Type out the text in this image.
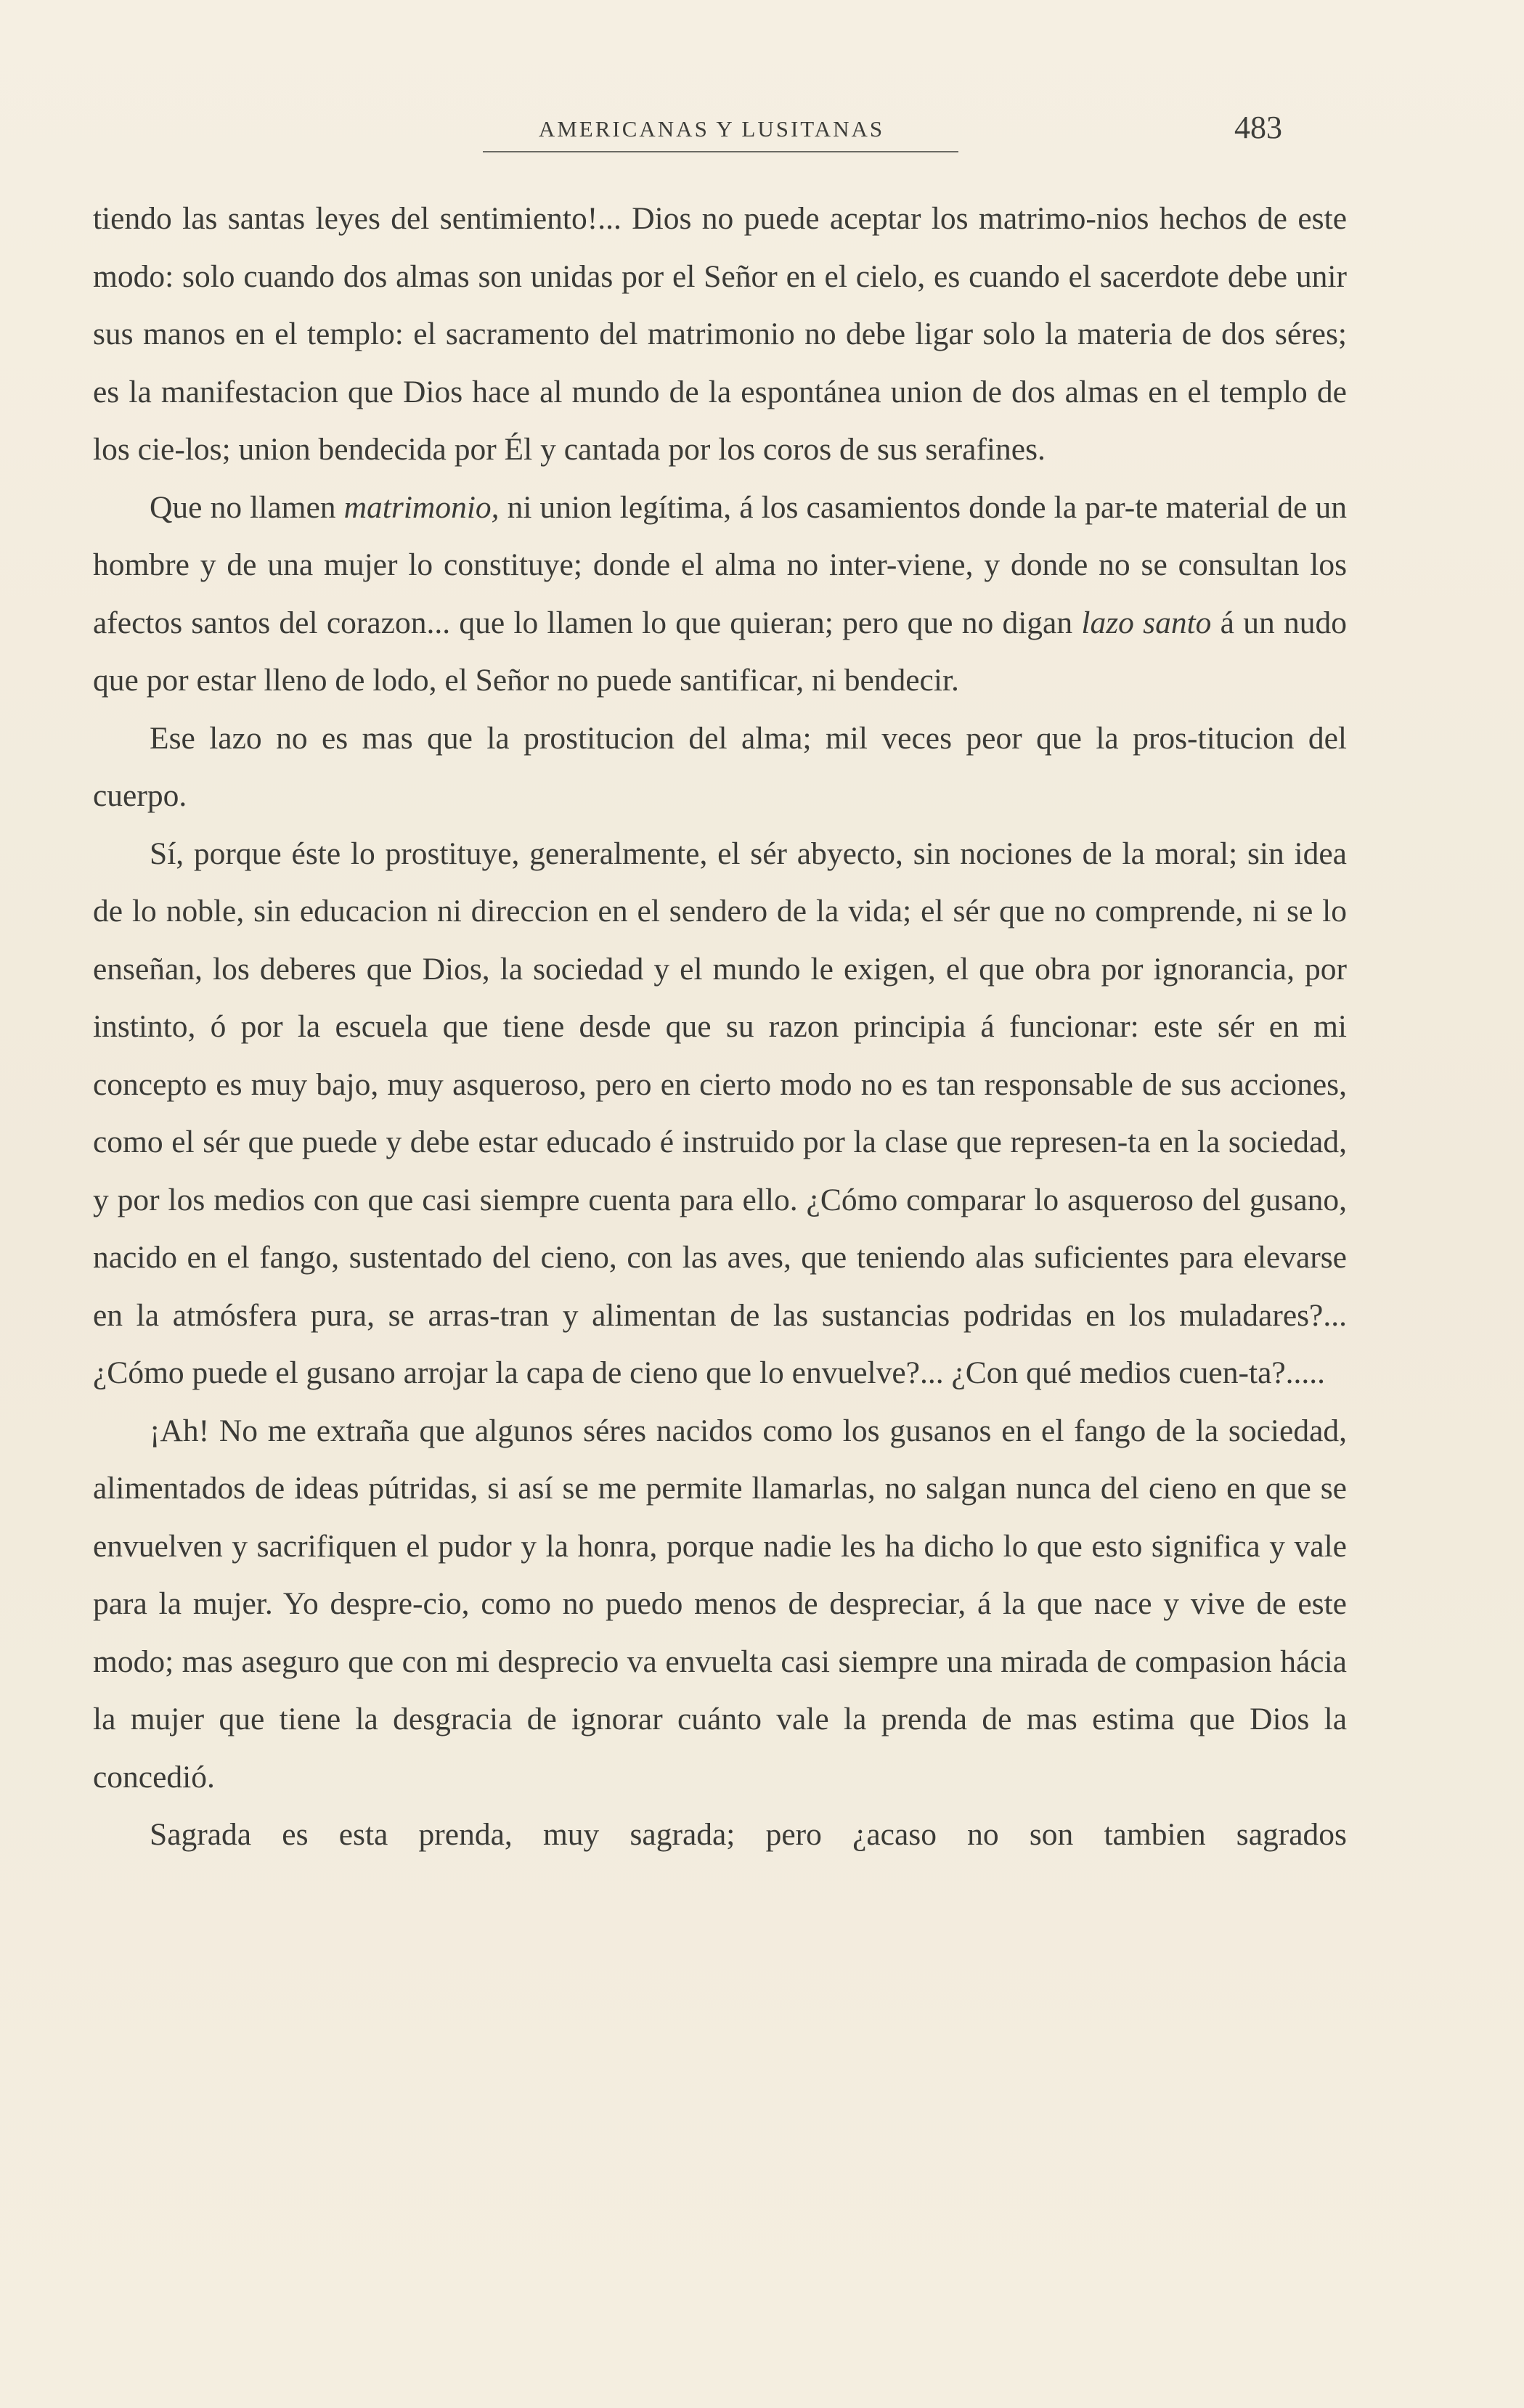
AMERICANAS Y LUSITANAS	483

tiendo las santas leyes del sentimiento!... Dios no puede aceptar los matrimo-nios hechos de este modo: solo cuando dos almas son unidas por el Señor en el cielo, es cuando el sacerdote debe unir sus manos en el templo: el sacramento del matrimonio no debe ligar solo la materia de dos séres; es la manifestacion que Dios hace al mundo de la espontánea union de dos almas en el templo de los cie-los; union bendecida por Él y cantada por los coros de sus serafines.

Que no llamen matrimonio, ni union legítima, á los casamientos donde la par-te material de un hombre y de una mujer lo constituye; donde el alma no inter-viene, y donde no se consultan los afectos santos del corazon... que lo llamen lo que quieran; pero que no digan lazo santo á un nudo que por estar lleno de lodo, el Señor no puede santificar, ni bendecir.

Ese lazo no es mas que la prostitucion del alma; mil veces peor que la pros-titucion del cuerpo.

Sí, porque éste lo prostituye, generalmente, el sér abyecto, sin nociones de la moral; sin idea de lo noble, sin educacion ni direccion en el sendero de la vida; el sér que no comprende, ni se lo enseñan, los deberes que Dios, la sociedad y el mundo le exigen, el que obra por ignorancia, por instinto, ó por la escuela que tiene desde que su razon principia á funcionar: este sér en mi concepto es muy bajo, muy asqueroso, pero en cierto modo no es tan responsable de sus acciones, como el sér que puede y debe estar educado é instruido por la clase que represen-ta en la sociedad, y por los medios con que casi siempre cuenta para ello. ¿Cómo comparar lo asqueroso del gusano, nacido en el fango, sustentado del cieno, con las aves, que teniendo alas suficientes para elevarse en la atmósfera pura, se arras-tran y alimentan de las sustancias podridas en los muladares?... ¿Cómo puede el gusano arrojar la capa de cieno que lo envuelve?... ¿Con qué medios cuen-ta?.....

¡Ah! No me extraña que algunos séres nacidos como los gusanos en el fango de la sociedad, alimentados de ideas pútridas, si así se me permite llamarlas, no salgan nunca del cieno en que se envuelven y sacrifiquen el pudor y la honra, porque nadie les ha dicho lo que esto significa y vale para la mujer. Yo despre-cio, como no puedo menos de despreciar, á la que nace y vive de este modo; mas aseguro que con mi desprecio va envuelta casi siempre una mirada de compasion hácia la mujer que tiene la desgracia de ignorar cuánto vale la prenda de mas estima que Dios la concedió.

Sagrada es esta prenda, muy sagrada; pero ¿acaso no son tambien sagrados
